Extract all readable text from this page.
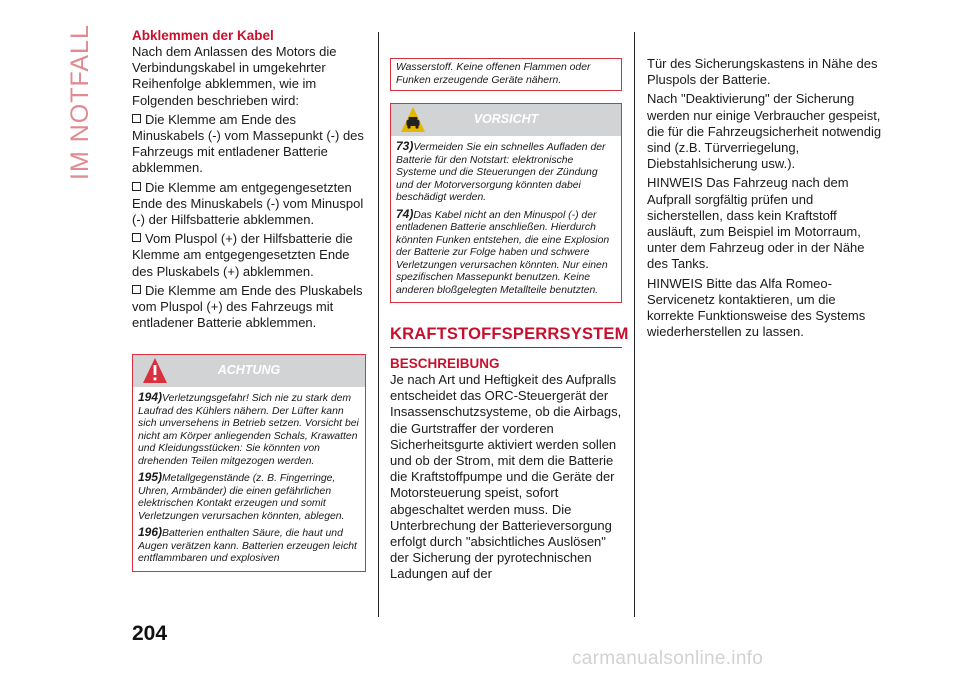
IM NOTFALL	Abklemmen der Kabel

Nach dem Anlassen des Motors die Verbindungskabel in umgekehrter Reihenfolge abklemmen, wie im Folgenden beschrieben wird:

Die Klemme am Ende des Minuskabels (-) vom Massepunkt (-) des Fahrzeugs mit entladener Batterie abklemmen.
Die Klemme am entgegengesetzten Ende des Minuskabels (-) vom Minuspol (-) der Hilfsbatterie abklemmen.
Vom Pluspol (+) der Hilfsbatterie die Klemme am entgegengesetzten Ende des Pluskabels (+) abklemmen.
Die Klemme am Ende des Pluskabels vom Pluspol (+) des Fahrzeugs mit entladener Batterie abklemmen.
ACHTUNG

194)Verletzungsgefahr! Sich nie zu stark dem Laufrad des Kühlers nähern. Der Lüfter kann sich unversehens in Betrieb setzen. Vorsicht bei nicht am Körper anliegenden Schals, Krawatten und Kleidungsstücken: Sie könnten von drehenden Teilen mitgezogen werden.

195)Metallgegenstände (z. B. Fingerringe, Uhren, Armbänder) die einen gefährlichen elektrischen Kontakt erzeugen und somit Verletzungen verursachen könnten, ablegen.

196)Batterien enthalten Säure, die haut und Augen verätzen kann. Batterien erzeugen leicht entflammbaren und explosiven

Wasserstoff. Keine offenen Flammen oder Funken erzeugende Geräte nähern.
VORSICHT

73)Vermeiden Sie ein schnelles Aufladen der Batterie für den Notstart: elektronische Systeme und die Steuerungen der Zündung und der Motorversorgung könnten dabei beschädigt werden.

74)Das Kabel nicht an den Minuspol (-) der entladenen Batterie anschließen. Hierdurch könnten Funken entstehen, die eine Explosion der Batterie zur Folge haben und schwere Verletzungen verursachen könnten. Nur einen spezifischen Massepunkt benutzen. Keine anderen bloßgelegten Metallteile benutzten.

KRAFTSTOFFSPERRSYSTEM
BESCHREIBUNG

Je nach Art und Heftigkeit des Aufpralls entscheidet das ORC-Steuergerät der Insassenschutzsysteme, ob die Airbags, die Gurtstraffer der vorderen Sicherheitsgurte aktiviert werden sollen und ob der Strom, mit dem die Batterie die Kraftstoffpumpe und die Geräte der Motorsteuerung speist, sofort abgeschaltet werden muss. Die Unterbrechung der Batterieversorgung erfolgt durch "absichtliches Auslösen" der Sicherung der pyrotechnischen Ladungen auf der

Tür des Sicherungskastens in Nähe des Pluspols der Batterie.

Nach "Deaktivierung" der Sicherung werden nur einige Verbraucher gespeist, die für die Fahrzeugsicherheit notwendig sind (z.B. Türverriegelung, Diebstahlsicherung usw.).

HINWEIS Das Fahrzeug nach dem Aufprall sorgfältig prüfen und sicherstellen, dass kein Kraftstoff ausläuft, zum Beispiel im Motorraum, unter dem Fahrzeug oder in der Nähe des Tanks.

HINWEIS Bitte das Alfa Romeo-Servicenetz kontaktieren, um die korrekte Funktionsweise des Systems wiederherstellen zu lassen.

204
carmanualsonline.info
